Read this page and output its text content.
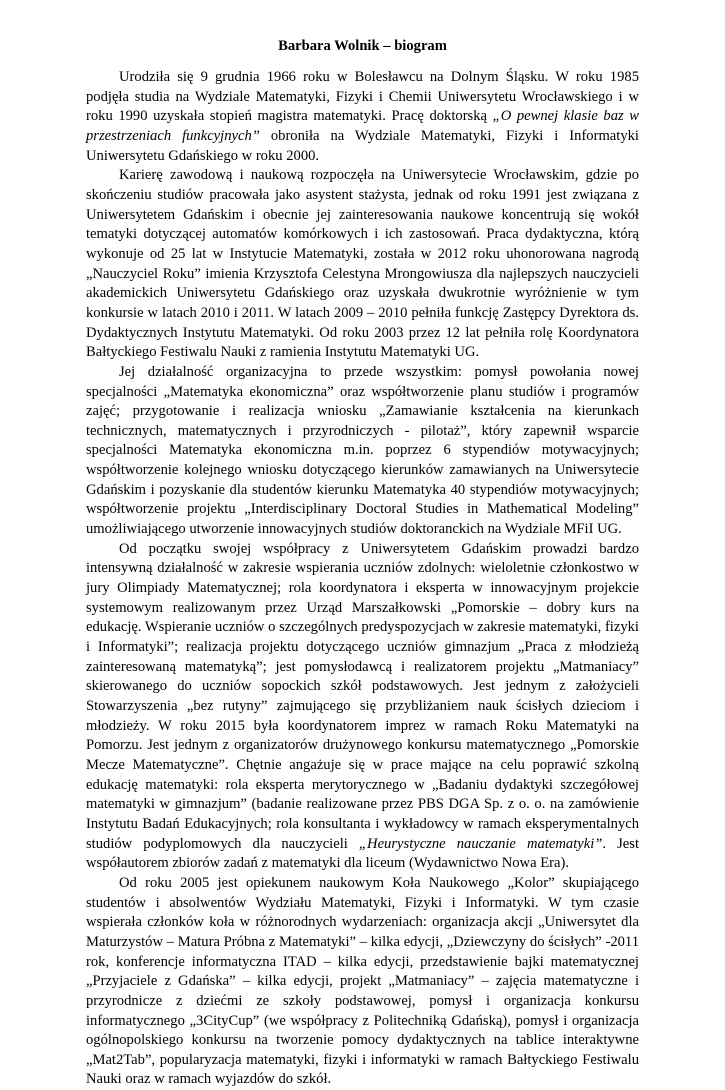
Barbara Wolnik – biogram

Urodziła się 9 grudnia 1966 roku w Bolesławcu na Dolnym Śląsku. W roku 1985 podjęła studia na Wydziale Matematyki, Fizyki i Chemii Uniwersytetu Wrocławskiego i w roku 1990 uzyskała stopień magistra matematyki. Pracę doktorską „O pewnej klasie baz w przestrzeniach funkcyjnych” obroniła na Wydziale Matematyki, Fizyki i Informatyki Uniwersytetu Gdańskiego w roku 2000.

Karierę zawodową i naukową rozpoczęła na Uniwersytecie Wrocławskim, gdzie po skończeniu studiów pracowała jako asystent stażysta, jednak od roku 1991 jest związana z Uniwersytetem Gdańskim i obecnie jej zainteresowania naukowe koncentrują się wokół tematyki dotyczącej automatów komórkowych i ich zastosowań. Praca dydaktyczna, którą wykonuje od 25 lat w Instytucie Matematyki, została w 2012 roku uhonorowana nagrodą „Nauczyciel Roku” imienia Krzysztofa Celestyna Mrongowiusza dla najlepszych nauczycieli akademickich Uniwersytetu Gdańskiego oraz uzyskała dwukrotnie wyróżnienie w tym konkursie w latach 2010 i 2011. W latach 2009 – 2010 pełniła funkcję Zastępcy Dyrektora ds. Dydaktycznych Instytutu Matematyki. Od roku 2003 przez 12 lat pełniła rolę Koordynatora Bałtyckiego Festiwalu Nauki z ramienia Instytutu Matematyki UG.

Jej działalność organizacyjna to przede wszystkim: pomysł powołania nowej specjalności „Matematyka ekonomiczna” oraz współtworzenie planu studiów i programów zajęć; przygotowanie i realizacja wniosku „Zamawianie kształcenia na kierunkach technicznych, matematycznych i przyrodniczych - pilotaż”, który zapewnił wsparcie specjalności Matematyka ekonomiczna m.in. poprzez 6 stypendiów motywacyjnych; współtworzenie kolejnego wniosku dotyczącego kierunków zamawianych na Uniwersytecie Gdańskim i pozyskanie dla studentów kierunku Matematyka 40 stypendiów motywacyjnych; współtworzenie projektu „Interdisciplinary Doctoral Studies in Mathematical Modeling” umożliwiającego utworzenie innowacyjnych studiów doktoranckich na Wydziale MFiI UG.

Od początku swojej współpracy z Uniwersytetem Gdańskim prowadzi bardzo intensywną działalność w zakresie wspierania uczniów zdolnych: wieloletnie członkostwo w jury Olimpiady Matematycznej; rola koordynatora i eksperta w innowacyjnym projekcie systemowym realizowanym przez Urząd Marszałkowski „Pomorskie – dobry kurs na edukację. Wspieranie uczniów o szczególnych predyspozycjach w zakresie matematyki, fizyki i Informatyki”; realizacja projektu dotyczącego uczniów gimnazjum „Praca z młodzieżą zainteresowaną matematyką”; jest pomysłodawcą i realizatorem projektu „Matmaniacy” skierowanego do uczniów sopockich szkół podstawowych. Jest jednym z założycieli Stowarzyszenia „bez rutyny” zajmującego się przybliżaniem nauk ścisłych dzieciom i młodzieży. W roku 2015 była koordynatorem imprez w ramach Roku Matematyki na Pomorzu. Jest jednym z organizatorów drużynowego konkursu matematycznego „Pomorskie Mecze Matematyczne”. Chętnie angażuje się w prace mające na celu poprawić szkolną edukację matematyki: rola eksperta merytorycznego w „Badaniu dydaktyki szczegółowej matematyki w gimnazjum” (badanie realizowane przez PBS DGA Sp. z o. o. na zamówienie Instytutu Badań Edukacyjnych; rola konsultanta i wykładowcy w ramach eksperymentalnych studiów podyplomowych dla nauczycieli „Heurystyczne nauczanie matematyki”. Jest współautorem zbiorów zadań z matematyki dla liceum (Wydawnictwo Nowa Era).

Od roku 2005 jest opiekunem naukowym Koła Naukowego „Kolor” skupiającego studentów i absolwentów Wydziału Matematyki, Fizyki i Informatyki. W tym czasie wspierała członków koła w różnorodnych wydarzeniach: organizacja akcji „Uniwersytet dla Maturzystów – Matura Próbna z Matematyki” – kilka edycji, „Dziewczyny do ścisłych” -2011 rok, konferencje informatyczna ITAD – kilka edycji, przedstawienie bajki matematycznej „Przyjaciele z Gdańska” – kilka edycji, projekt „Matmaniacy” – zajęcia matematyczne i przyrodnicze z dziećmi ze szkoły podstawowej, pomysł i organizacja konkursu informatycznego „3CityCup” (we współpracy z Politechniką Gdańską), pomysł i organizacja ogólnopolskiego konkursu na tworzenie pomocy dydaktycznych na tablice interaktywne „Mat2Tab”, popularyzacja matematyki, fizyki i informatyki w ramach Bałtyckiego Festiwalu Nauki oraz w ramach wyjazdów do szkół.
